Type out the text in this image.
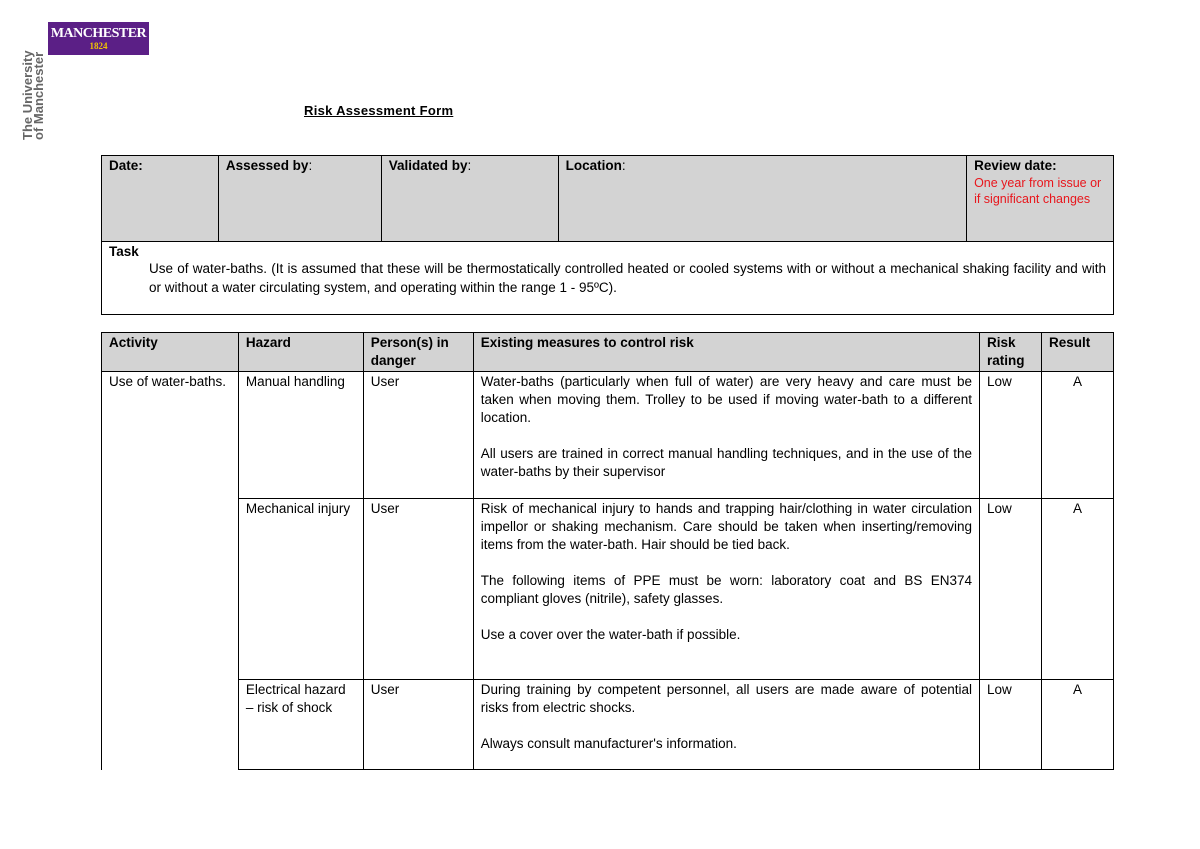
MANCHESTER
1824
The University
of Manchester	Risk Assessment Form
Date:	Assessed by:	Validated by:	Location:	Review date:
One year from issue or if significant changes

Task
Use of water-baths. (It is assumed that these will be thermostatically controlled heated or cooled systems with or without a mechanical shaking facility and with or without a water circulating system, and operating within the range 1 - 95ºC).
Activity	Hazard	Person(s) in danger	Existing measures to control risk	Risk rating	Result
Use of water-baths.	Manual handling	User	Water-baths (particularly when full of water) are very heavy and care must be taken when moving them. Trolley to be used if moving water-bath to a different location.

All users are trained in correct manual handling techniques, and in the use of the water-baths by their supervisor	Low	A
	Mechanical injury	User	Risk of mechanical injury to hands and trapping hair/clothing in water circulation impellor or shaking mechanism. Care should be taken when inserting/removing items from the water-bath. Hair should be tied back.

The following items of PPE must be worn: laboratory coat and BS EN374 compliant gloves (nitrile), safety glasses.

Use a cover over the water-bath if possible.	Low	A
	Electrical hazard – risk of shock	User	During training by competent personnel, all users are made aware of potential risks from electric shocks.

Always consult manufacturer's information.	Low	A
